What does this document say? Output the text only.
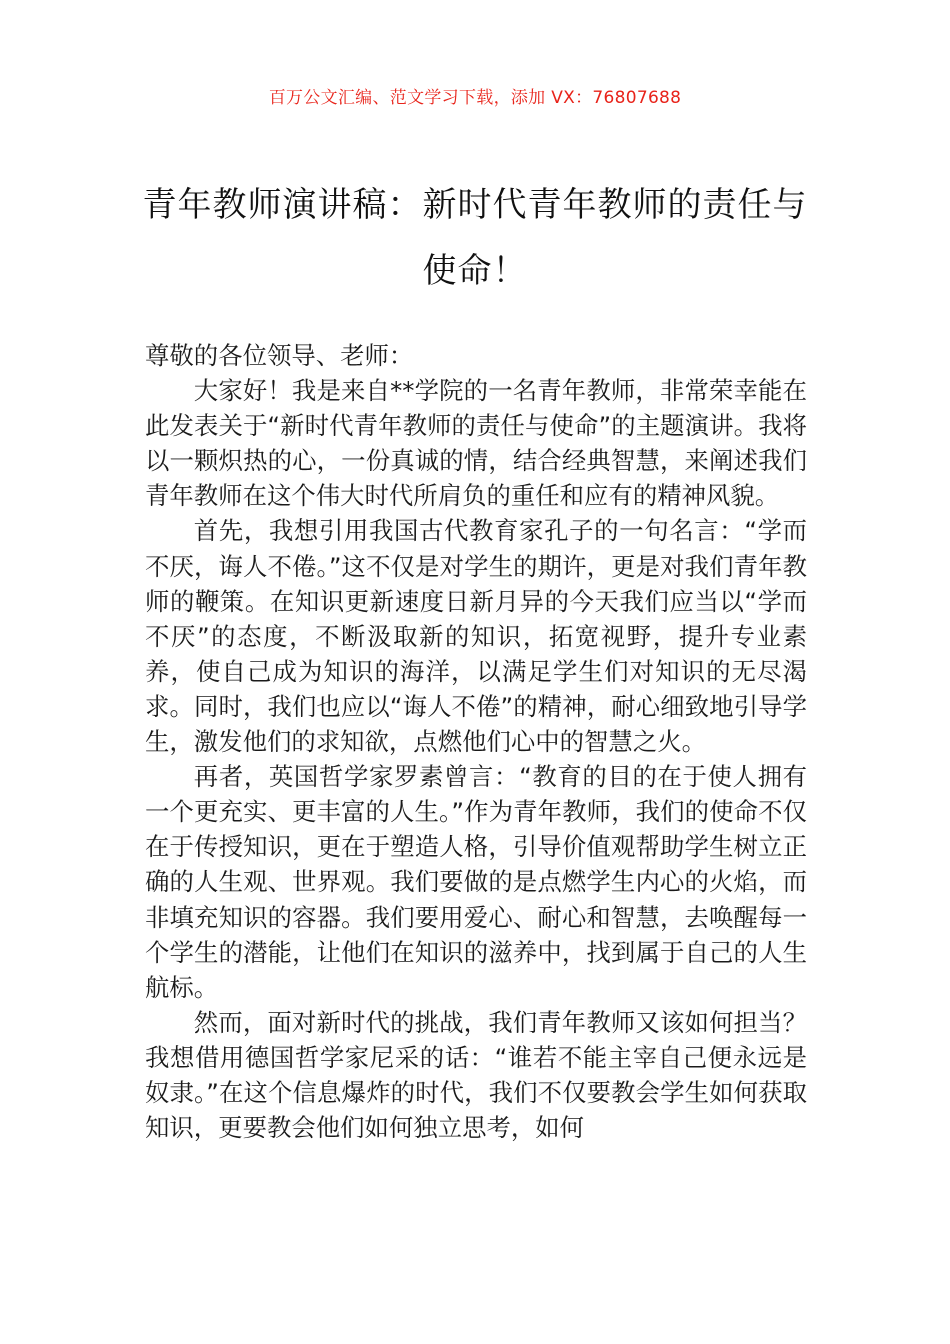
百万公文汇编、范文学习下载，添加 VX：76807688
青年教师演讲稿：新时代青年教师的责任与使命！

尊敬的各位领导、老师：

大家好！我是来自**学院的一名青年教师，非常荣幸能在此发表关于“新时代青年教师的责任与使命”的主题演讲。我将以一颗炽热的心，一份真诚的情，结合经典智慧，来阐述我们青年教师在这个伟大时代所肩负的重任和应有的精神风貌。

首先，我想引用我国古代教育家孔子的一句名言：“学而不厌，诲人不倦。”这不仅是对学生的期许，更是对我们青年教师的鞭策。在知识更新速度日新月异的今天我们应当以“学而不厌”的态度，不断汲取新的知识，拓宽视野，提升专业素养，使自己成为知识的海洋，以满足学生们对知识的无尽渴求。同时，我们也应以“诲人不倦”的精神，耐心细致地引导学生，激发他们的求知欲，点燃他们心中的智慧之火。

再者，英国哲学家罗素曾言：“教育的目的在于使人拥有一个更充实、更丰富的人生。”作为青年教师，我们的使命不仅在于传授知识，更在于塑造人格，引导价值观帮助学生树立正确的人生观、世界观。我们要做的是点燃学生内心的火焰，而非填充知识的容器。我们要用爱心、耐心和智慧，去唤醒每一个学生的潜能，让他们在知识的滋养中，找到属于自己的人生航标。

然而，面对新时代的挑战，我们青年教师又该如何担当？我想借用德国哲学家尼采的话：“谁若不能主宰自己便永远是奴隶。”在这个信息爆炸的时代，我们不仅要教会学生如何获取知识，更要教会他们如何独立思考，如何
